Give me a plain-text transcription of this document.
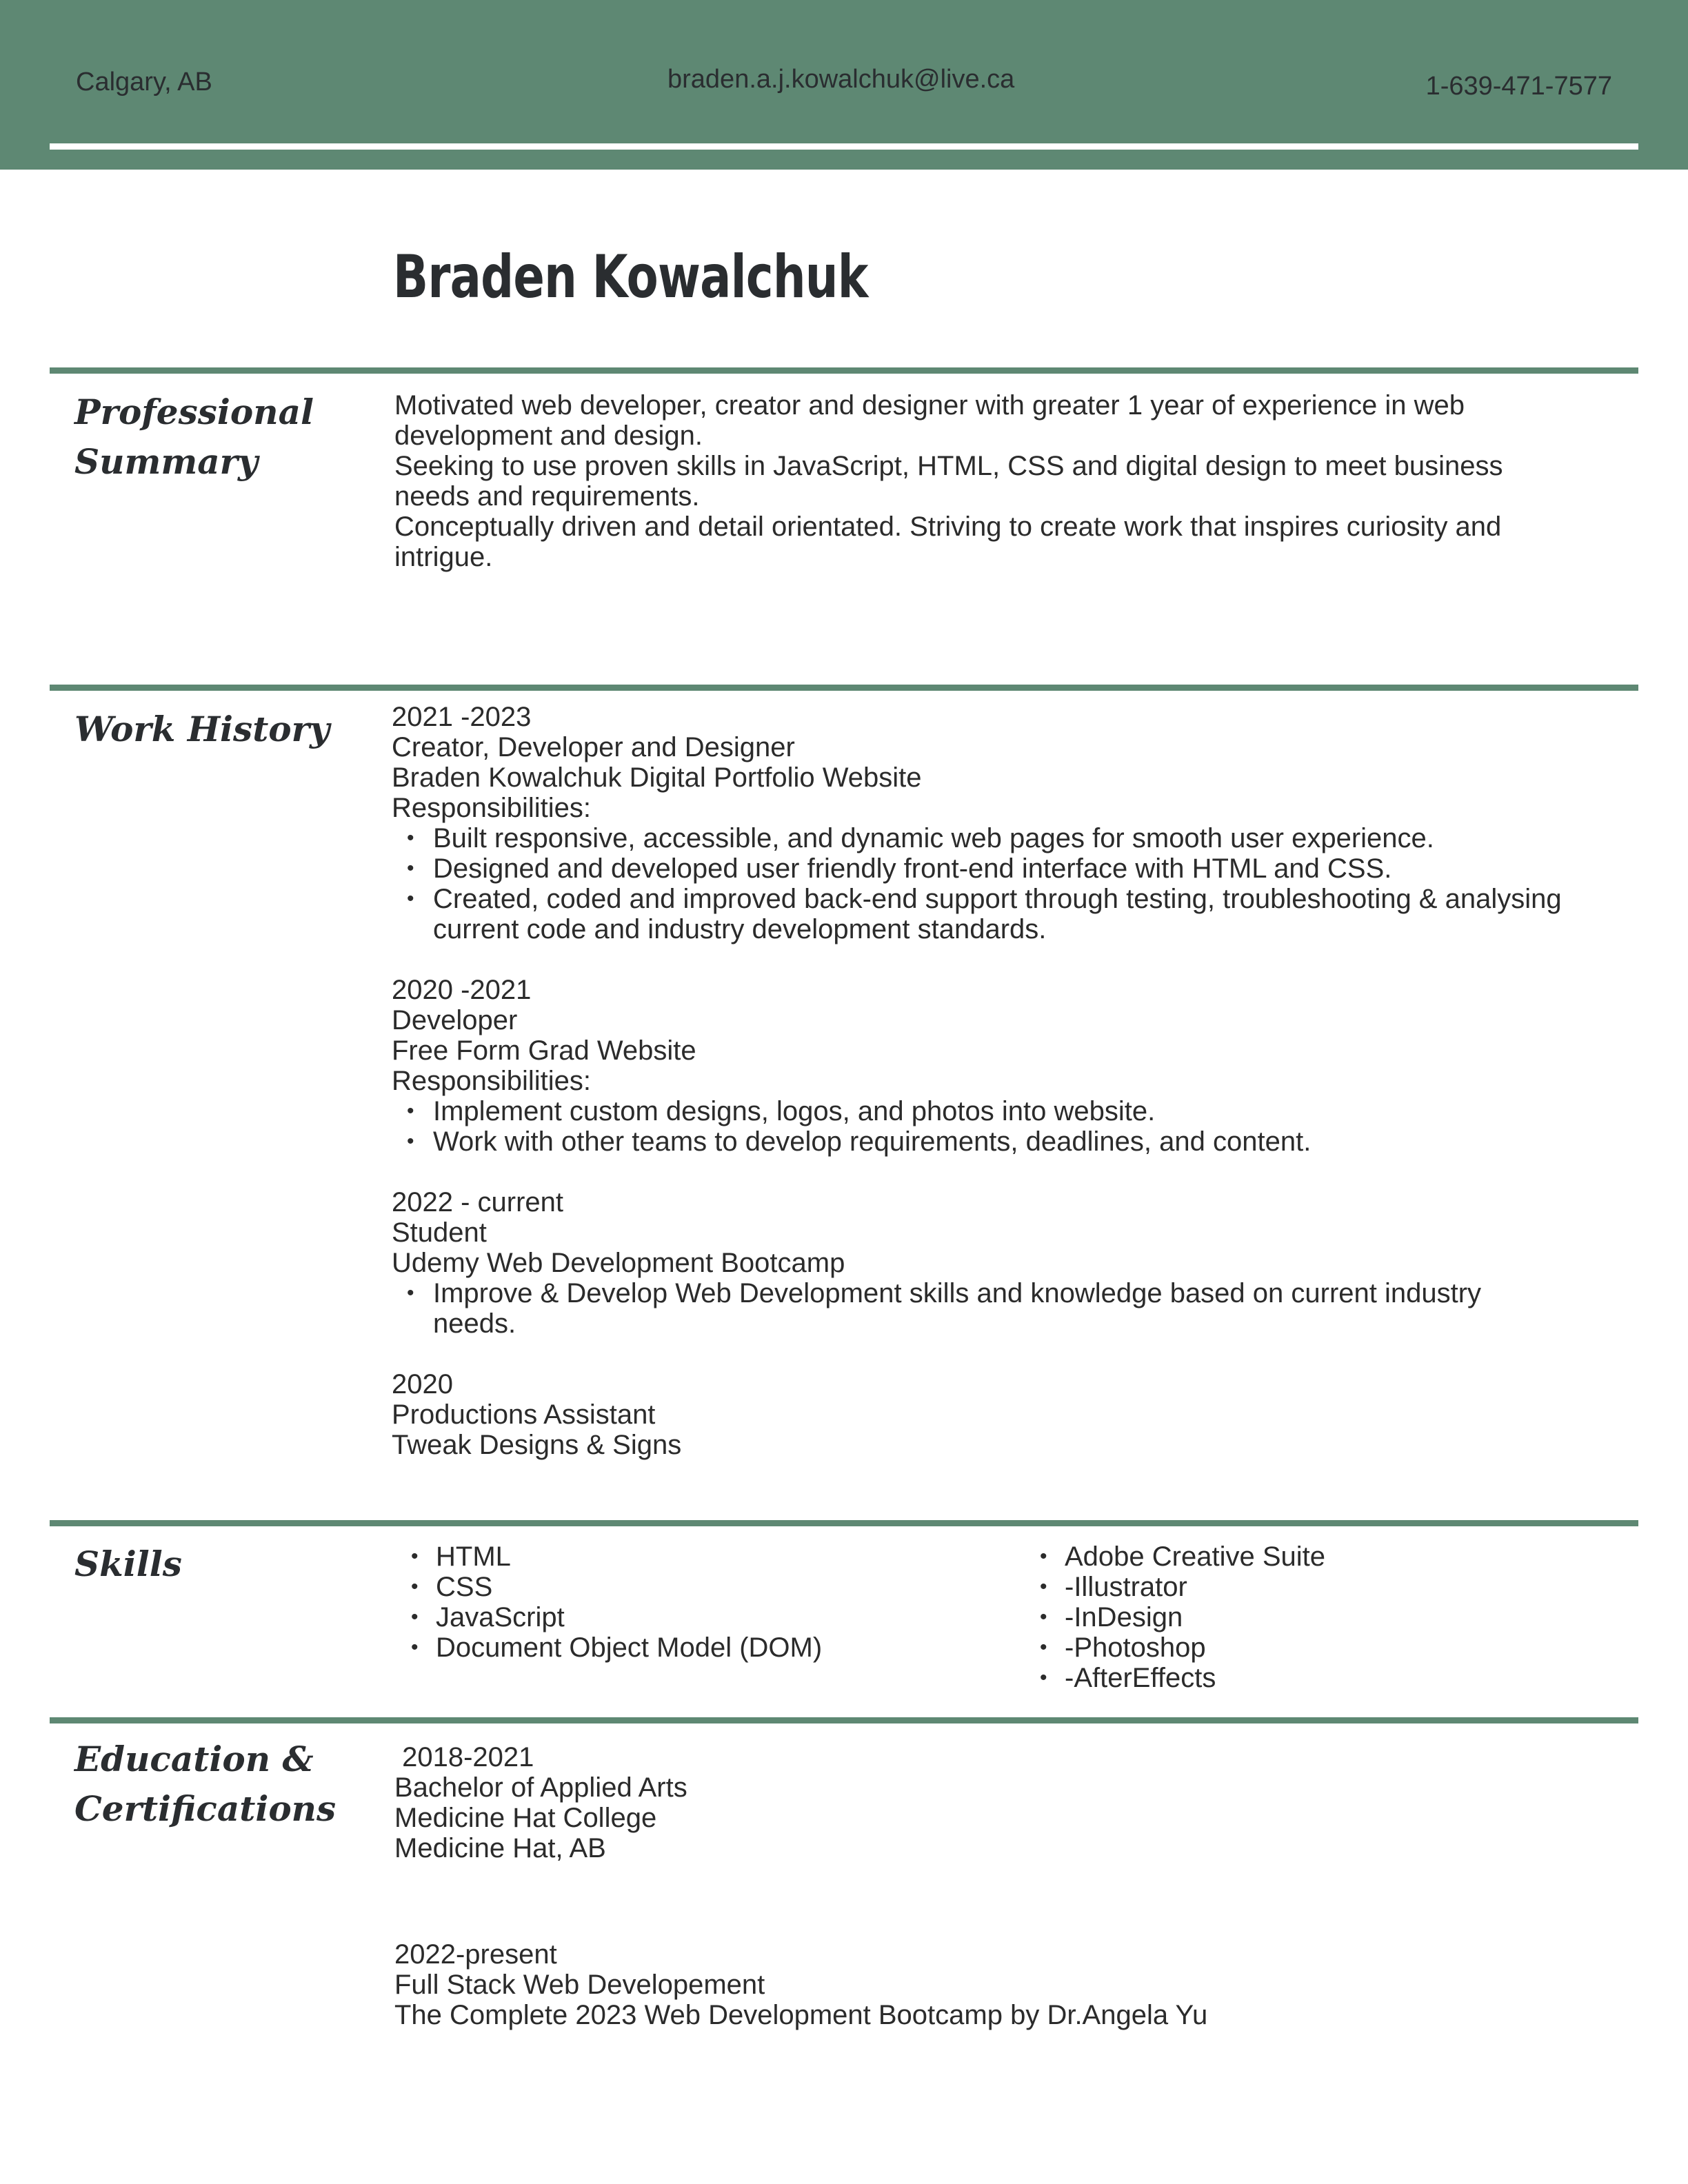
Calgary, AB	braden.a.j.kowalchuk@live.ca	1-639-471-7577
Braden Kowalchuk
Professional
Summary

Motivated web developer, creator and designer with greater 1 year of experience in web development and design.

Seeking to use proven skills in JavaScript, HTML, CSS and digital design to meet business needs and requirements.

Conceptually driven and detail orientated. Striving to create work that inspires curiosity and intrigue.

Work History	2021 -2023
Creator, Developer and Designer
Braden Kowalchuk Digital Portfolio Website
Responsibilities:
• Built responsive, accessible, and dynamic web pages for smooth user experience.
• Designed and developed user friendly front-end interface with HTML and CSS.
• Created, coded and improved back-end support through testing, troubleshooting & analysing current code and industry development standards.
2020 -2021
Developer
Free Form Grad Website
Responsibilities:
• Implement custom designs, logos, and photos into website.
• Work with other teams to develop requirements, deadlines, and content.
2022 - current
Student
Udemy Web Development Bootcamp
• Improve & Develop Web Development skills and knowledge based on current industry needs.
2020
Productions Assistant
Tweak Designs & Signs
Skills
•	HTML
• CSS
• JavaScript
• Document Object Model (DOM)
• Adobe Creative Suite
• -Illustrator
• -InDesign
• -Photoshop
• -AfterEffects
Education &
Certifications
2018-2021
Bachelor of Applied Arts
Medicine Hat College
Medicine Hat, AB
2022-present
Full Stack Web Developement
The Complete 2023 Web Development Bootcamp by Dr.Angela Yu
